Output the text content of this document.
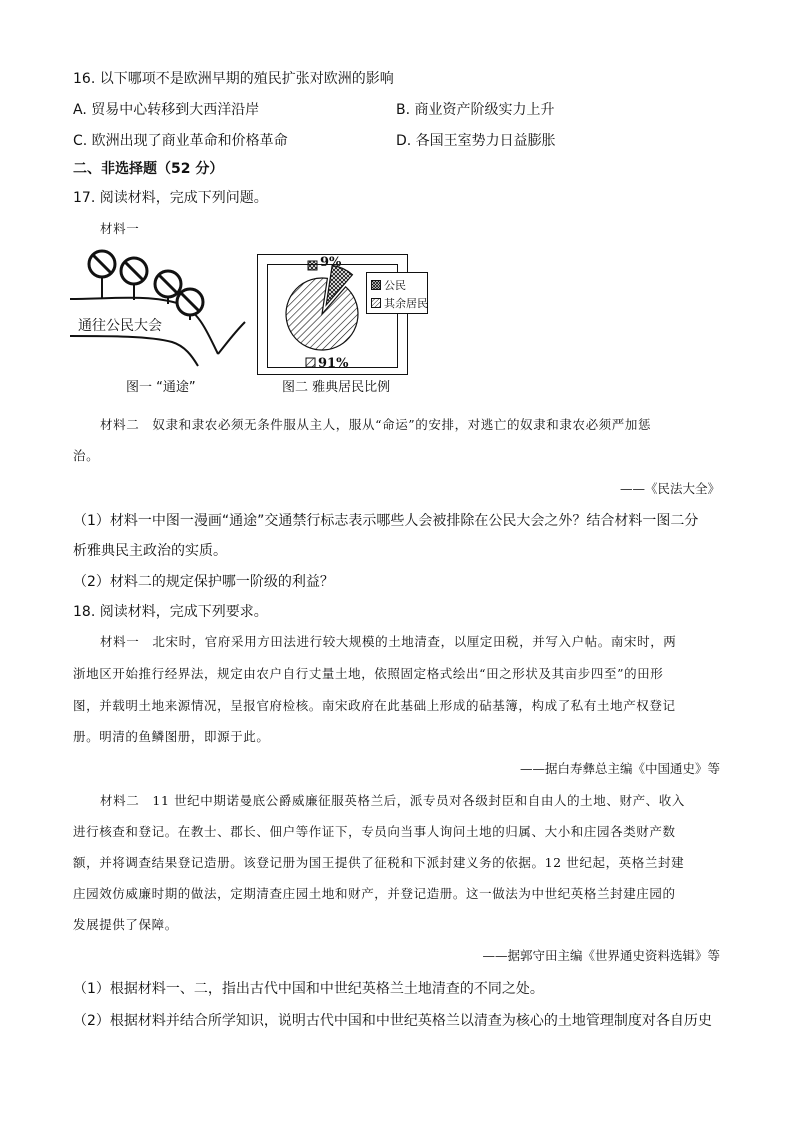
16. 以下哪项不是欧洲早期的殖民扩张对欧洲的影响
A. 贸易中心转移到大西洋沿岸	B. 商业资产阶级实力上升
C. 欧洲出现了商业革命和价格革命	D. 各国王室势力日益膨胀
二、非选择题（52 分）
17. 阅读材料，完成下列问题。
材料一
通往公民大会
图一 “通途”
9%
91%
公民
其余居民
图二 雅典居民比例
材料二　奴隶和隶农必须无条件服从主人，服从“命运”的安排，对逃亡的奴隶和隶农必须严加惩
治。
——《民法大全》
（1）材料一中图一漫画“通途”交通禁行标志表示哪些人会被排除在公民大会之外？结合材料一图二分
析雅典民主政治的实质。
（2）材料二的规定保护哪一阶级的利益？
18. 阅读材料，完成下列要求。
材料一　北宋时，官府采用方田法进行较大规模的土地清查，以厘定田税，并写入户帖。南宋时，两
浙地区开始推行经界法，规定由农户自行丈量土地，依照固定格式绘出“田之形状及其亩步四至”的田形
图，并载明土地来源情况，呈报官府检核。南宋政府在此基础上形成的砧基簿，构成了私有土地产权登记
册。明清的鱼鳞图册，即源于此。
——据白寿彝总主编《中国通史》等
材料二　11 世纪中期诺曼底公爵威廉征服英格兰后，派专员对各级封臣和自由人的土地、财产、收入
进行核查和登记。在教士、郡长、佃户等作证下，专员向当事人询问土地的归属、大小和庄园各类财产数
额，并将调查结果登记造册。该登记册为国王提供了征税和下派封建义务的依据。12 世纪起，英格兰封建
庄园效仿威廉时期的做法，定期清查庄园土地和财产，并登记造册。这一做法为中世纪英格兰封建庄园的
发展提供了保障。
——据郭守田主编《世界通史资料选辑》等
（1）根据材料一、二，指出古代中国和中世纪英格兰土地清查的不同之处。
（2）根据材料并结合所学知识，说明古代中国和中世纪英格兰以清查为核心的土地管理制度对各自历史
